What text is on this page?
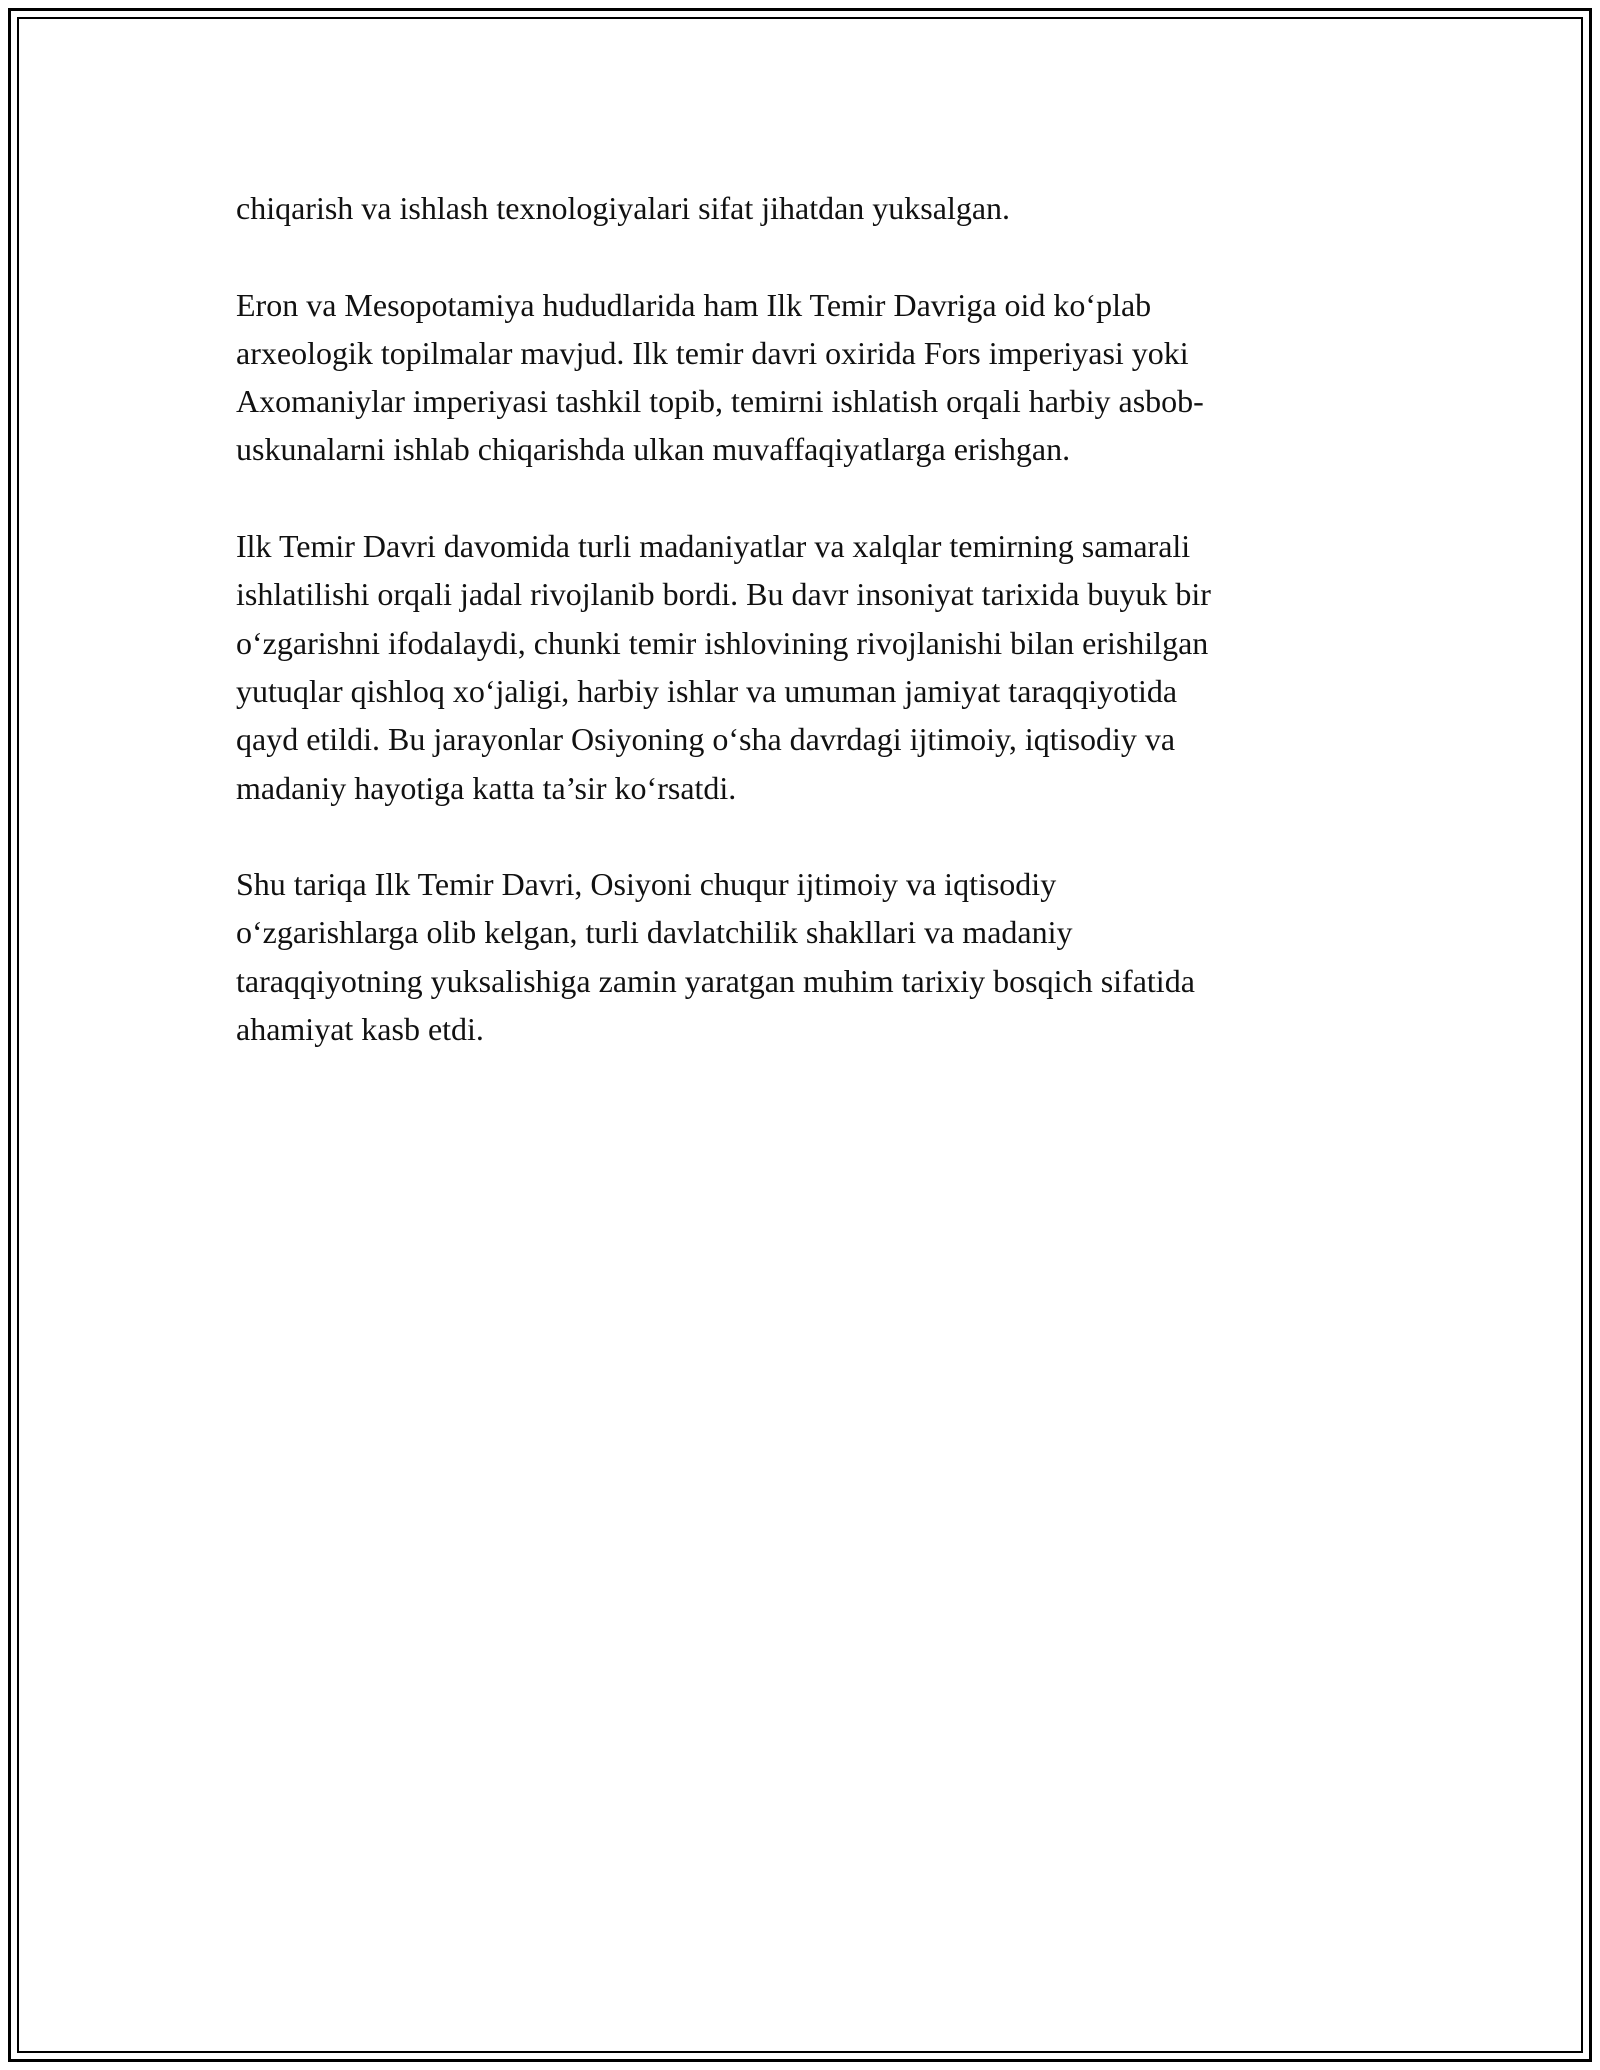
chiqarish va ishlash texnologiyalari sifat jihatdan yuksalgan.

Eron va Mesopotamiya hududlarida ham Ilk Temir Davriga oid ko‘plab
arxeologik topilmalar mavjud. Ilk temir davri oxirida Fors imperiyasi yoki
Axomaniylar imperiyasi tashkil topib, temirni ishlatish orqali harbiy asbob-
uskunalarni ishlab chiqarishda ulkan muvaffaqiyatlarga erishgan.

Ilk Temir Davri davomida turli madaniyatlar va xalqlar temirning samarali
ishlatilishi orqali jadal rivojlanib bordi. Bu davr insoniyat tarixida buyuk bir
o‘zgarishni ifodalaydi, chunki temir ishlovining rivojlanishi bilan erishilgan
yutuqlar qishloq xo‘jaligi, harbiy ishlar va umuman jamiyat taraqqiyotida
qayd etildi. Bu jarayonlar Osiyoning o‘sha davrdagi ijtimoiy, iqtisodiy va
madaniy hayotiga katta ta’sir ko‘rsatdi.

Shu tariqa Ilk Temir Davri, Osiyoni chuqur ijtimoiy va iqtisodiy
o‘zgarishlarga olib kelgan, turli davlatchilik shakllari va madaniy
taraqqiyotning yuksalishiga zamin yaratgan muhim tarixiy bosqich sifatida
ahamiyat kasb etdi.
